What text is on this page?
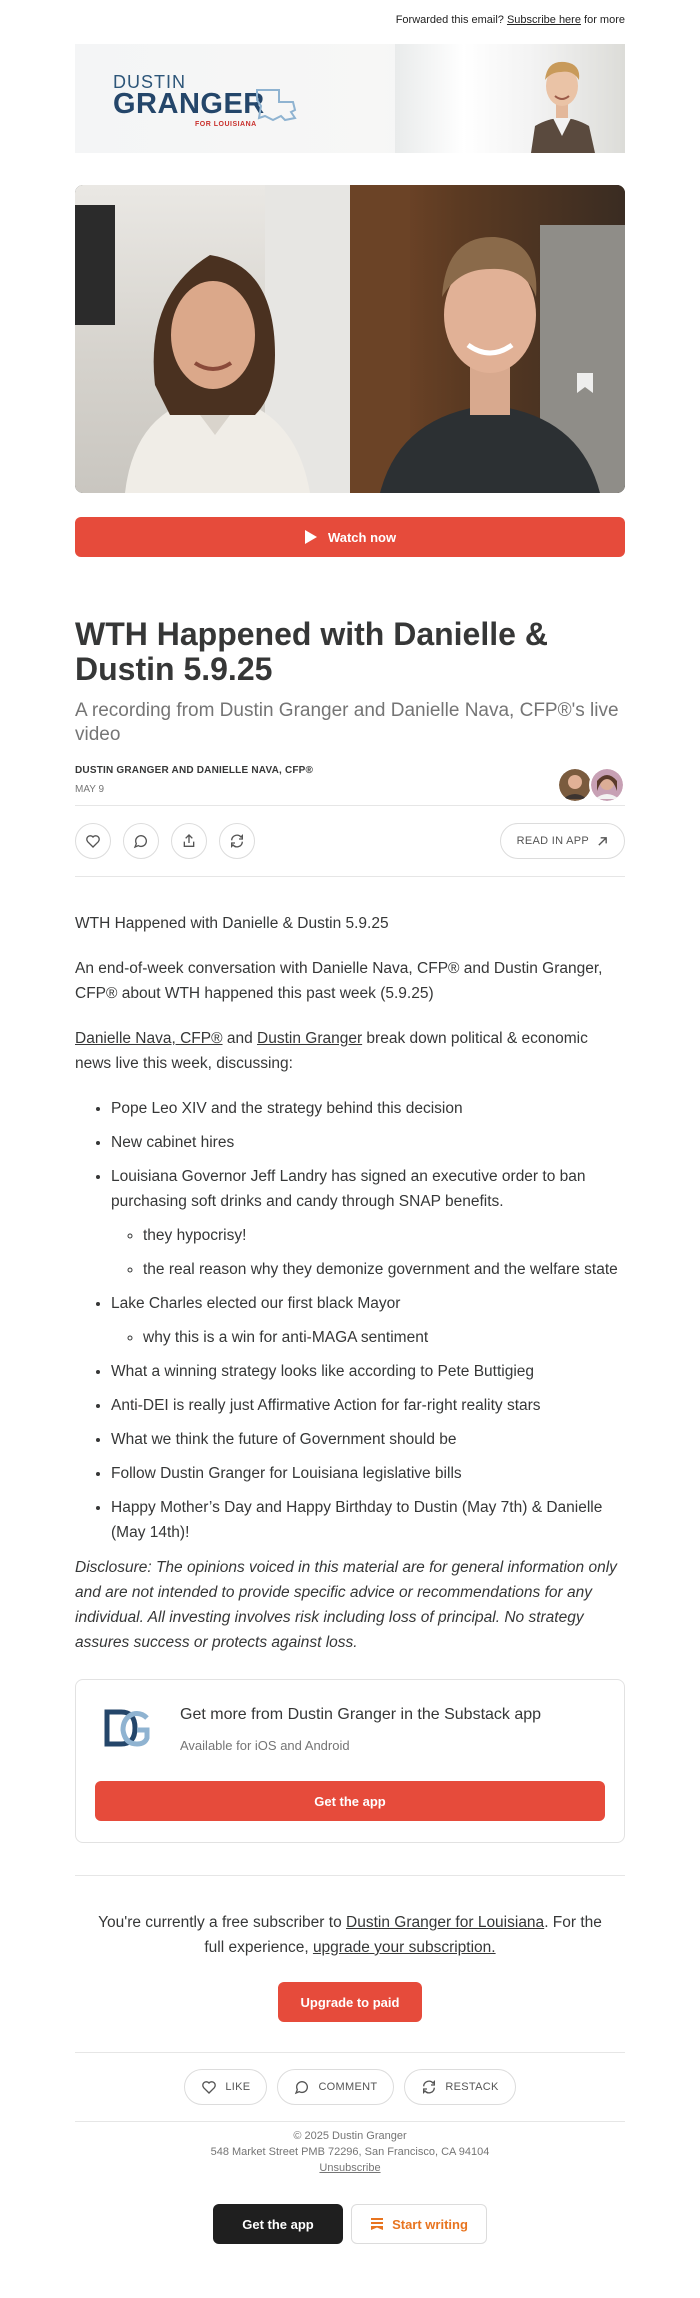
Forwarded this email? Subscribe here for more
DUSTIN
GRANGER
FOR LOUISIANA
Watch now
WTH Happened with Danielle & Dustin 5.9.25
A recording from Dustin Granger and Danielle Nava, CFP®'s live video
DUSTIN GRANGER AND DANIELLE NAVA, CFP®
MAY 9
READ IN APP

WTH Happened with Danielle & Dustin 5.9.25

An end-of-week conversation with Danielle Nava, CFP® and Dustin Granger, CFP® about WTH happened this past week (5.9.25)

Danielle Nava, CFP® and Dustin Granger break down political & economic news live this week, discussing:

• Pope Leo XIV and the strategy behind this decision
• New cabinet hires
• Louisiana Governor Jeff Landry has signed an executive order to ban purchasing soft drinks and candy through SNAP benefits.
◦ they hypocrisy!
◦ the real reason why they demonize government and the welfare state
• Lake Charles elected our first black Mayor
◦ why this is a win for anti-MAGA sentiment
• What a winning strategy looks like according to Pete Buttigieg
• Anti-DEI is really just Affirmative Action for far-right reality stars
• What we think the future of Government should be
• Follow Dustin Granger for Louisiana legislative bills
• Happy Mother’s Day and Happy Birthday to Dustin (May 7th) & Danielle (May 14th)!

Disclosure: The opinions voiced in this material are for general information only and are not intended to provide specific advice or recommendations for any individual. All investing involves risk including loss of principal. No strategy assures success or protects against loss.

Get more from Dustin Granger in the Substack app
Available for iOS and Android
Get the app
You're currently a free subscriber to Dustin Granger for Louisiana. For the full experience, upgrade your subscription.
Upgrade to paid
LIKE	COMMENT	RESTACK
© 2025 Dustin Granger
548 Market Street PMB 72296, San Francisco, CA 94104
Unsubscribe
Get the app	Start writing
